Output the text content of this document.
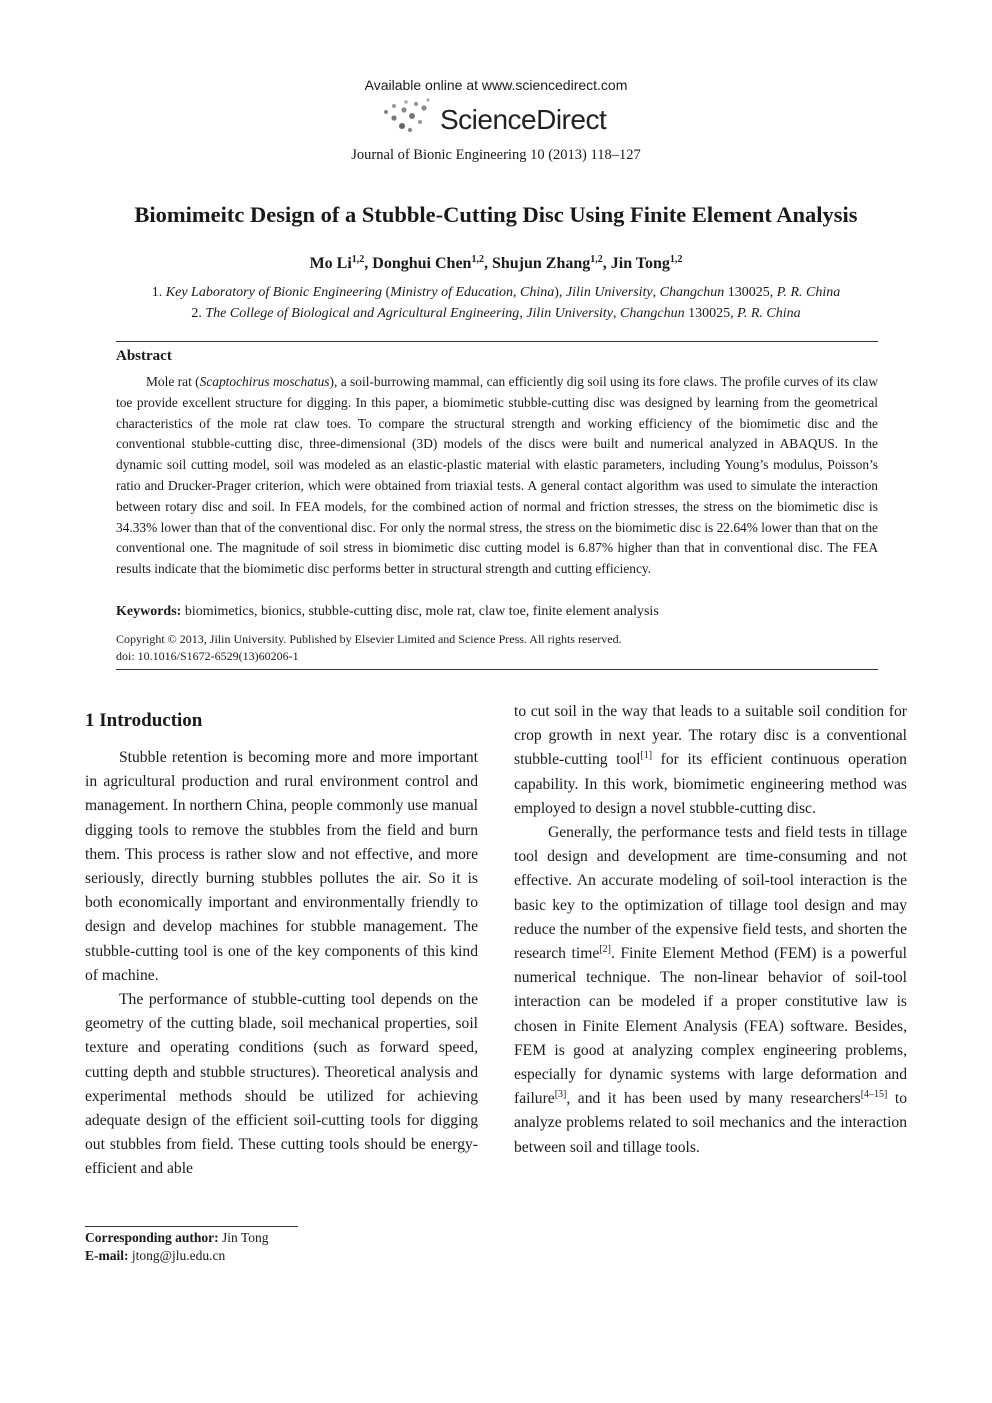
Available online at www.sciencedirect.com
ScienceDirect
Journal of Bionic Engineering 10 (2013) 118–127
Biomimeitc Design of a Stubble-Cutting Disc Using Finite Element Analysis
Mo Li$^{1,2}$, Donghui Chen$^{1,2}$, Shujun Zhang$^{1,2}$, Jin Tong$^{1,2}$
1. Key Laboratory of Bionic Engineering (Ministry of Education, China), Jilin University, Changchun 130025, P. R. China
2. The College of Biological and Agricultural Engineering, Jilin University, Changchun 130025, P. R. China
Abstract

Mole rat (Scaptochirus moschatus), a soil-burrowing mammal, can efficiently dig soil using its fore claws. The profile curves of its claw toe provide excellent structure for digging. In this paper, a biomimetic stubble-cutting disc was designed by learning from the geometrical characteristics of the mole rat claw toes. To compare the structural strength and working efficiency of the biomimetic disc and the conventional stubble-cutting disc, three-dimensional (3D) models of the discs were built and numerical analyzed in ABAQUS. In the dynamic soil cutting model, soil was modeled as an elastic-plastic material with elastic parameters, including Young’s modulus, Poisson’s ratio and Drucker-Prager criterion, which were obtained from triaxial tests. A general contact algorithm was used to simulate the interaction between rotary disc and soil. In FEA models, for the combined action of normal and friction stresses, the stress on the biomimetic disc is 34.33% lower than that of the conventional disc. For only the normal stress, the stress on the biomimetic disc is 22.64% lower than that on the conventional one. The magnitude of soil stress in biomimetic disc cutting model is 6.87% higher than that in conventional disc. The FEA results indicate that the biomimetic disc performs better in structural strength and cutting efficiency.

Keywords: biomimetics, bionics, stubble-cutting disc, mole rat, claw toe, finite element analysis
Copyright © 2013, Jilin University. Published by Elsevier Limited and Science Press. All rights reserved.
doi: 10.1016/S1672-6529(13)60206-1
1 Introduction

Stubble retention is becoming more and more important in agricultural production and rural environment control and management. In northern China, people commonly use manual digging tools to remove the stubbles from the field and burn them. This process is rather slow and not effective, and more seriously, directly burning stubbles pollutes the air. So it is both economically important and environmentally friendly to design and develop machines for stubble management. The stubble-cutting tool is one of the key components of this kind of machine.

The performance of stubble-cutting tool depends on the geometry of the cutting blade, soil mechanical properties, soil texture and operating conditions (such as forward speed, cutting depth and stubble structures). Theoretical analysis and experimental methods should be utilized for achieving adequate design of the efficient soil-cutting tools for digging out stubbles from field. These cutting tools should be energy-efficient and able

to cut soil in the way that leads to a suitable soil condition for crop growth in next year. The rotary disc is a conventional stubble-cutting tool[1] for its efficient continuous operation capability. In this work, biomimetic engineering method was employed to design a novel stubble-cutting disc.

Generally, the performance tests and field tests in tillage tool design and development are time-consuming and not effective. An accurate modeling of soil-tool interaction is the basic key to the optimization of tillage tool design and may reduce the number of the expensive field tests, and shorten the research time[2]. Finite Element Method (FEM) is a powerful numerical technique. The non-linear behavior of soil-tool interaction can be modeled if a proper constitutive law is chosen in Finite Element Analysis (FEA) software. Besides, FEM is good at analyzing complex engineering problems, especially for dynamic systems with large deformation and failure[3], and it has been used by many researchers[4–15] to analyze problems related to soil mechanics and the interaction between soil and tillage tools.

Corresponding author: Jin Tong
E-mail: jtong@jlu.edu.cn
